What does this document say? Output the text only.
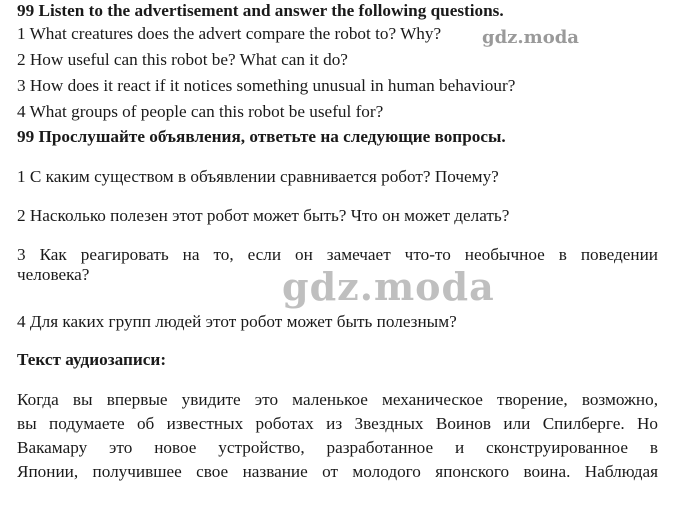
99 Listen to the advertisement and answer the following questions.
1 What creatures does the advert compare the robot to? Why?
2 How useful can this robot be? What can it do?
3 How does it react if it notices something unusual in human behaviour?
4 What groups of people can this robot be useful for?
99 Прослушайте объявления, ответьте на следующие вопросы.
1 С каким существом в объявлении сравнивается робот? Почему?
2 Насколько полезен этот робот может быть? Что он может делать?
3 Как реагировать на то, если он замечает что-то необычное в поведении
человека?
4 Для каких групп людей этот робот может быть полезным?
Текст аудиозаписи:
Когда вы впервые увидите это маленькое механическое творение, возможно,
вы подумаете об известных роботах из Звездных Воинов или Спилберге. Но
Вакамару это новое устройство, разработанное и сконструированное в
Японии, получившее свое название от молодого японского воина. Наблюдая
gdz.moda
gdz.moda
